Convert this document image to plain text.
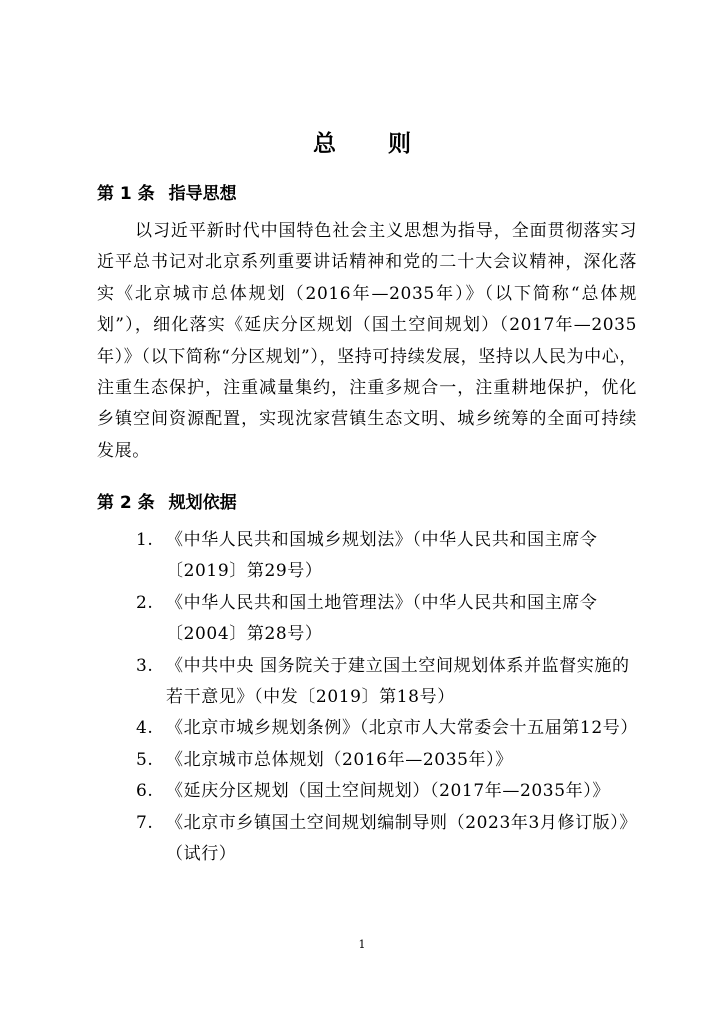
总 则
第 1 条 指导思想
以习近平新时代中国特色社会主义思想为指导，全面贯彻落实习近平总书记对北京系列重要讲话精神和党的二十大会议精神，深化落实《北京城市总体规划（2016年—2035年）》（以下简称“总体规划”），细化落实《延庆分区规划（国土空间规划）（2017年—2035年）》（以下简称“分区规划”），坚持可持续发展，坚持以人民为中心，注重生态保护，注重减量集约，注重多规合一，注重耕地保护，优化乡镇空间资源配置，实现沈家营镇生态文明、城乡统筹的全面可持续发展。
第 2 条 规划依据
1. 《中华人民共和国城乡规划法》（中华人民共和国主席令〔2019〕第29号）
2. 《中华人民共和国土地管理法》（中华人民共和国主席令〔2004〕第28号）
3. 《中共中央 国务院关于建立国土空间规划体系并监督实施的若干意见》（中发〔2019〕第18号）
4. 《北京市城乡规划条例》（北京市人大常委会十五届第12号）
5. 《北京城市总体规划（2016年—2035年）》
6. 《延庆分区规划（国土空间规划）（2017年—2035年）》
7. 《北京市乡镇国土空间规划编制导则（2023年3月修订版）》（试行）
1
